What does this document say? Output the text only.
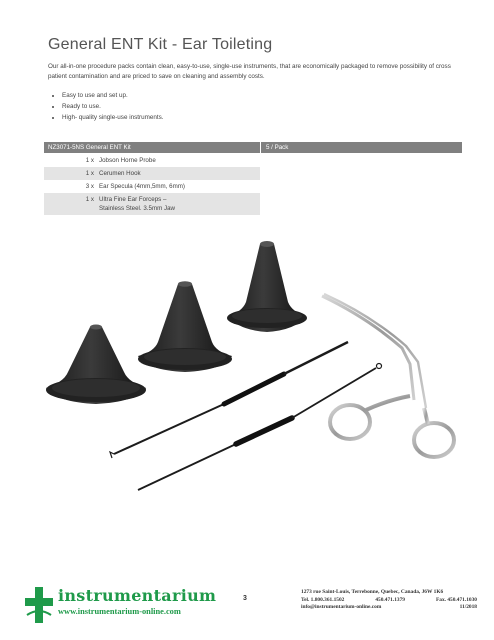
General ENT Kit - Ear Toileting
Our all-in-one procedure packs contain clean, easy-to-use, single-use instruments, that are economically packaged to remove possibility of cross patient contamination and are priced to save on cleaning and assembly costs.
• Easy to use and set up.
• Ready to use.
• High- quality single-use instruments.
NZ3071-5NS General ENT Kit	5 / Pack
1 x Jobson Horne Probe
1 x Cerumen Hook
3 x Ear Specula (4mm,5mm, 6mm)
1 x Ultra Fine Ear Forceps –
Stainless Steel. 3.5mm Jaw
instrumentarium
www.instrumentarium-online.com
3
1273 rue Saint-Louis, Terrebonne, Quebec, Canada, J6W 1K6
Tel. 1.800.361.1502	450.471.1379	Fax. 450.471.1030
info@instrumentarium-online.com	11/2018
